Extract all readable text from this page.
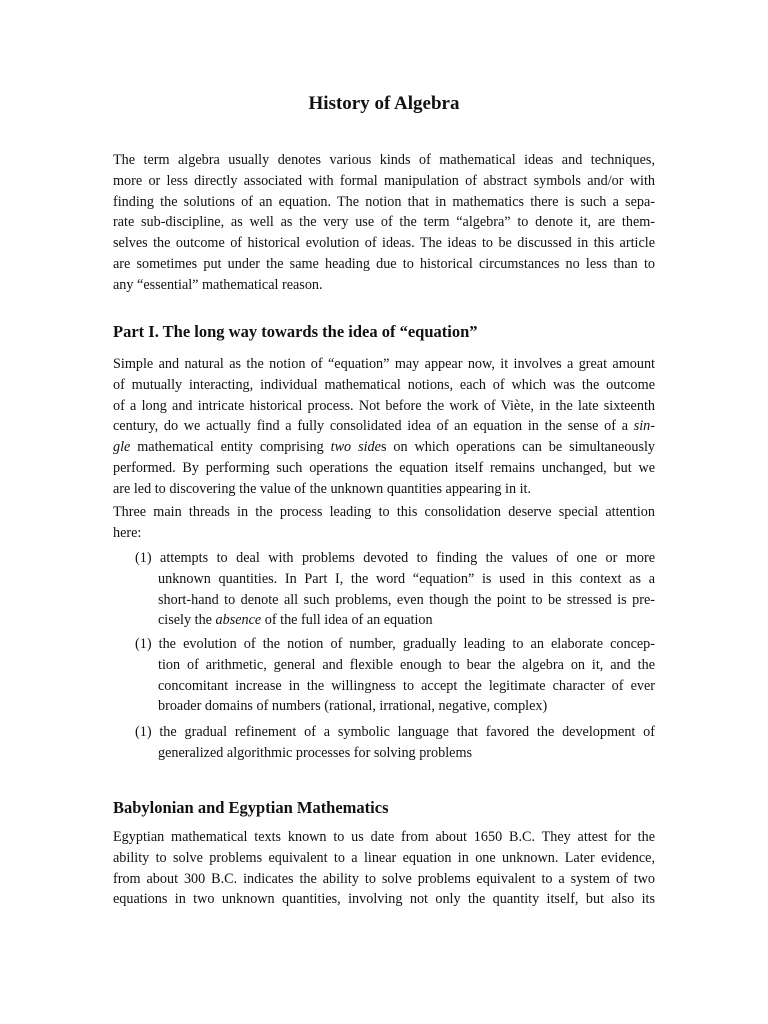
History of Algebra

The term algebra usually denotes various kinds of mathematical ideas and techniques,
more or less directly associated with formal manipulation of abstract symbols and/or with
finding the solutions of an equation. The notion that in mathematics there is such a sepa-
rate sub-discipline, as well as the very use of the term “algebra” to denote it, are them-
selves the outcome of historical evolution of ideas. The ideas to be discussed in this article
are sometimes put under the same heading due to historical circumstances no less than to
any “essential” mathematical reason.

Part I. The long way towards the idea of “equation”

Simple and natural as the notion of “equation” may appear now, it involves a great amount
of mutually interacting, individual mathematical notions, each of which was the outcome
of a long and intricate historical process. Not before the work of Viète, in the late sixteenth
century, do we actually find a fully consolidated idea of an equation in the sense of a sin-
gle mathematical entity comprising two sides on which operations can be simultaneously
performed. By performing such operations the equation itself remains unchanged, but we
are led to discovering the value of the unknown quantities appearing in it.

Three main threads in the process leading to this consolidation deserve special attention
here:

(1) attempts to deal with problems devoted to finding the values of one or more
unknown quantities. In Part I, the word “equation” is used in this context as a
short-hand to denote all such problems, even though the point to be stressed is pre-
cisely the absence of the full idea of an equation

(1) the evolution of the notion of number, gradually leading to an elaborate concep-
tion of arithmetic, general and flexible enough to bear the algebra on it, and the
concomitant increase in the willingness to accept the legitimate character of ever
broader domains of numbers (rational, irrational, negative, complex)

(1) the gradual refinement of a symbolic language that favored the development of
generalized algorithmic processes for solving problems

Babylonian and Egyptian Mathematics

Egyptian mathematical texts known to us date from about 1650 B.C. They attest for the
ability to solve problems equivalent to a linear equation in one unknown. Later evidence,
from about 300 B.C. indicates the ability to solve problems equivalent to a system of two
equations in two unknown quantities, involving not only the quantity itself, but also its
